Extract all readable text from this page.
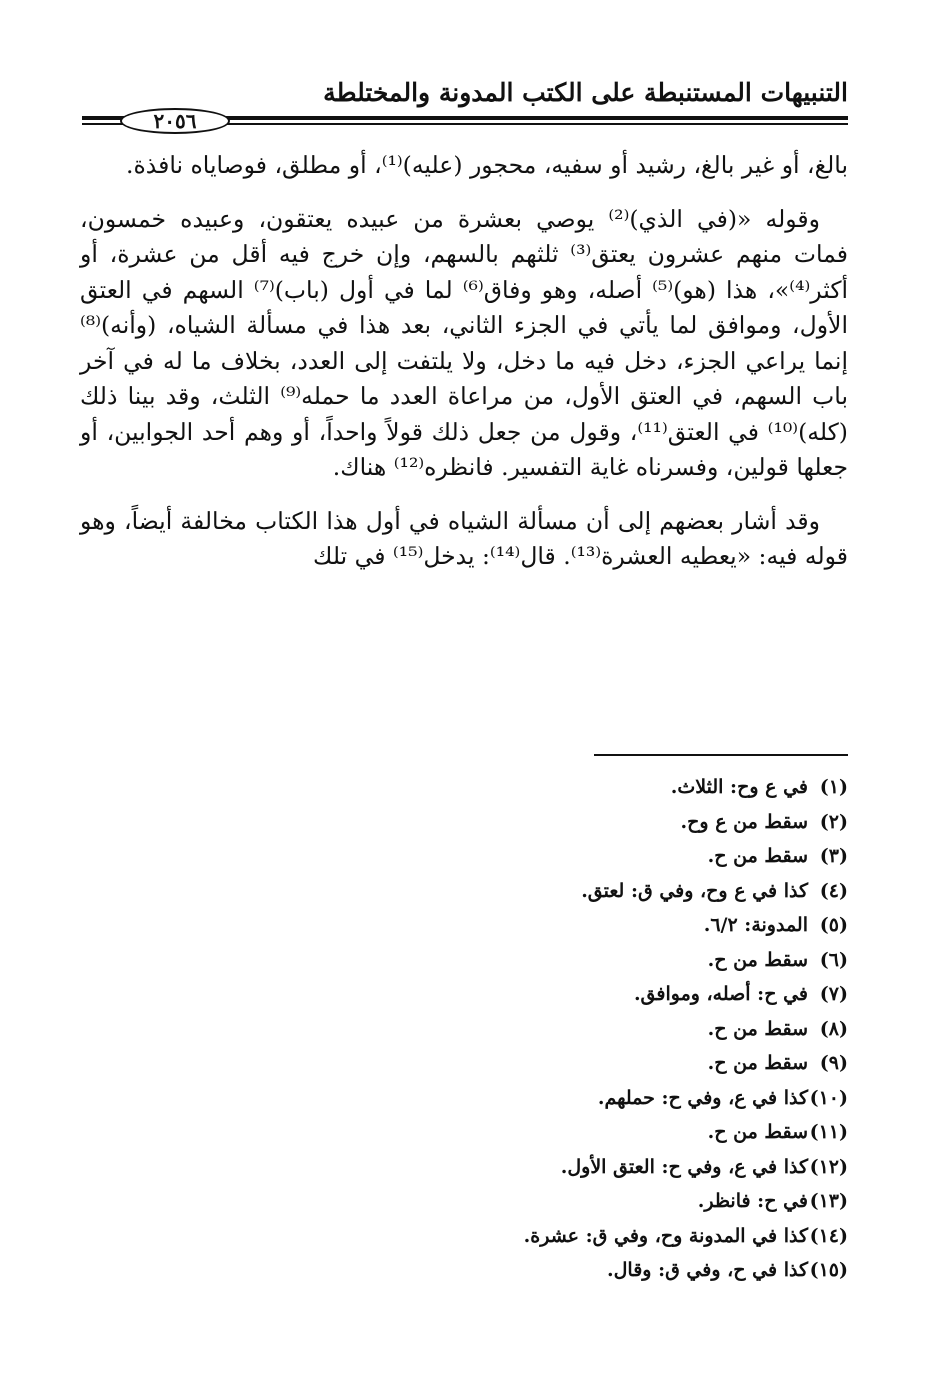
التنبيهات المستنبطة على الكتب المدونة والمختلطة
٢٠٥٦

بالغ، أو غير بالغ، رشيد أو سفيه، محجور (عليه)⁽¹⁾، أو مطلق، فوصاياه نافذة.

وقوله «(في الذي)⁽²⁾ يوصي بعشرة من عبيده يعتقون، وعبيده خمسون، فمات منهم عشرون يعتق⁽³⁾ ثلثهم بالسهم، وإن خرج فيه أقل من عشرة، أو أكثر⁽⁴⁾»، هذا (هو)⁽⁵⁾ أصله، وهو وفاق⁽⁶⁾ لما في أول (باب)⁽⁷⁾ السهم في العتق الأول، وموافق لما يأتي في الجزء الثاني، بعد هذا في مسألة الشياه، (وأنه)⁽⁸⁾ إنما يراعي الجزء، دخل فيه ما دخل، ولا يلتفت إلى العدد، بخلاف ما له في آخر باب السهم، في العتق الأول، من مراعاة العدد ما حمله⁽⁹⁾ الثلث، وقد بينا ذلك (كله)⁽¹⁰⁾ في العتق⁽¹¹⁾، وقول من جعل ذلك قولاً واحداً، أو وهم أحد الجوابين، أو جعلها قولين، وفسرناه غاية التفسير. فانظره⁽¹²⁾ هناك.

وقد أشار بعضهم إلى أن مسألة الشياه في أول هذا الكتاب مخالفة أيضاً، وهو قوله فيه: «يعطيه العشرة⁽¹³⁾. قال⁽¹⁴⁾: يدخل⁽¹⁵⁾ في تلك

(١)في ع وح: الثلاث.
(٢)سقط من ع وح.
(٣)سقط من ح.
(٤)كذا في ع وح، وفي ق: لعتق.
(٥)المدونة: ٦/٢.
(٦)سقط من ح.
(٧)في ح: أصله، وموافق.
(٨)سقط من ح.
(٩)سقط من ح.
(١٠)كذا في ع، وفي ح: حملهم.
(١١)سقط من ح.
(١٢)كذا في ع، وفي ح: العتق الأول.
(١٣)في ح: فانظر.
(١٤)كذا في المدونة وح، وفي ق: عشرة.
(١٥)كذا في ح، وفي ق: وقال.
